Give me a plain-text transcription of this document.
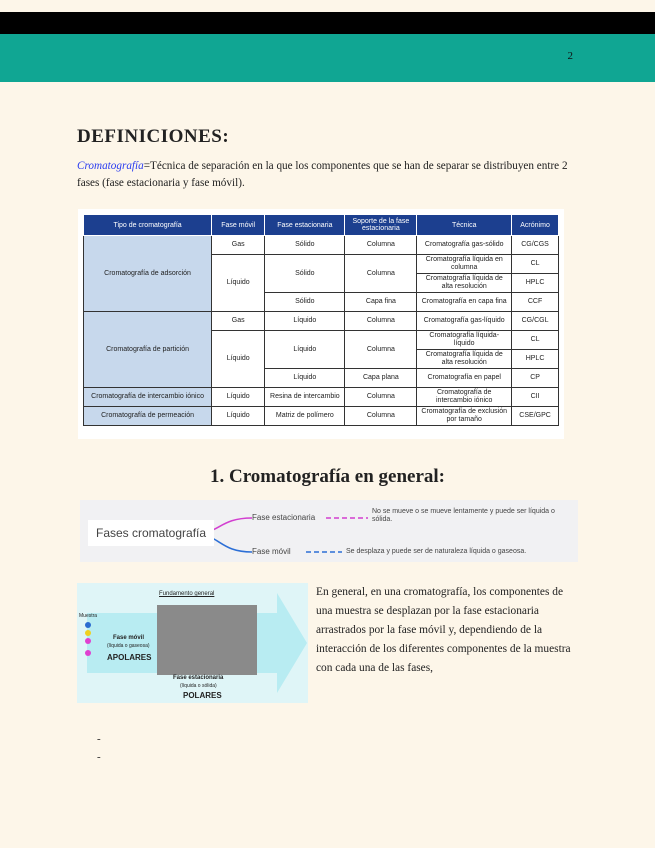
2
DEFINICIONES:
Cromatografía=Técnica de separación en la que los componentes que se han de separar se distribuyen entre 2 fases (fase estacionaria y fase móvil).
Tipo de cromatografía	Fase móvil	Fase estacionaria	Soporte de la fase estacionaria	Técnica	Acrónimo
Cromatografía de adsorción	Gas	Sólido	Columna	Cromatografía gas-sólido	CG/CGS
	Líquido	Sólido	Columna	Cromatografía líquida en columna	CL
				Cromatografía líquida de alta resolución	HPLC
		Sólido	Capa fina	Cromatografía en capa fina	CCF
Cromatografía de partición	Gas	Líquido	Columna	Cromatografía gas-líquido	CG/CGL
	Líquido	Líquido	Columna	Cromatografía líquida-líquido	CL
				Cromatografía líquida de alta resolución	HPLC
		Líquido	Capa plana	Cromatografía en papel	CP
Cromatografía de intercambio iónico	Líquido	Resina de intercambio	Columna	Cromatografía de intercambio iónico	CII
Cromatografía de permeación	Líquido	Matriz de polímero	Columna	Cromatografía de exclusión por tamaño	CSE/GPC
1. Cromatografía en general:
Fases cromatografía
Fase estacionaria
No se mueve o se mueve lentamente y puede ser líquida o sólida.
Fase móvil	Se desplaza y puede ser de naturaleza líquida o gaseosa.
Fundamento general
Muestra
Fase móvil
(líquida o gaseosa)
APOLARES
Fase estacionaria
(líquida o sólida)
POLARES
En general, en una cromatografía, los componentes de una muestra se desplazan por la fase estacionaria arrastrados por la fase móvil y, dependiendo de la interacción de los diferentes componentes de la muestra con cada una de las fases,
-
-
